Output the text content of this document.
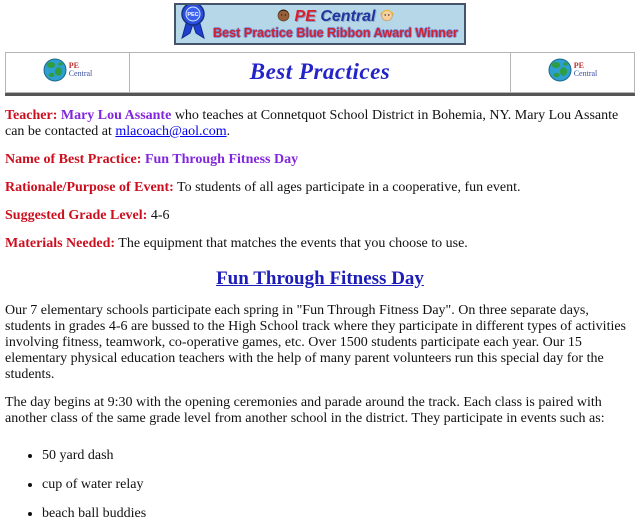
PEC	PE Central
Best Practice Blue Ribbon Award Winner
PE
Central	Best Practices	PE
Central

Teacher: Mary Lou Assante who teaches at Connetquot School District in Bohemia, NY. Mary Lou Assante can be contacted at mlacoach@aol.com.

Name of Best Practice: Fun Through Fitness Day

Rationale/Purpose of Event: To students of all ages participate in a cooperative, fun event.

Suggested Grade Level: 4-6

Materials Needed: The equipment that matches the events that you choose to use.

Fun Through Fitness Day

Our 7 elementary schools participate each spring in "Fun Through Fitness Day". On three separate days, students in grades 4-6 are bussed to the High School track where they participate in different types of activities involving fitness, teamwork, co-operative games, etc. Over 1500 students participate each year. Our 15 elementary physical education teachers with the help of many parent volunteers run this special day for the students.

The day begins at 9:30 with the opening ceremonies and parade around the track. Each class is paired with another class of the same grade level from another school in the district. They participate in events such as:

• 50 yard dash
• cup of water relay
• beach ball buddies
